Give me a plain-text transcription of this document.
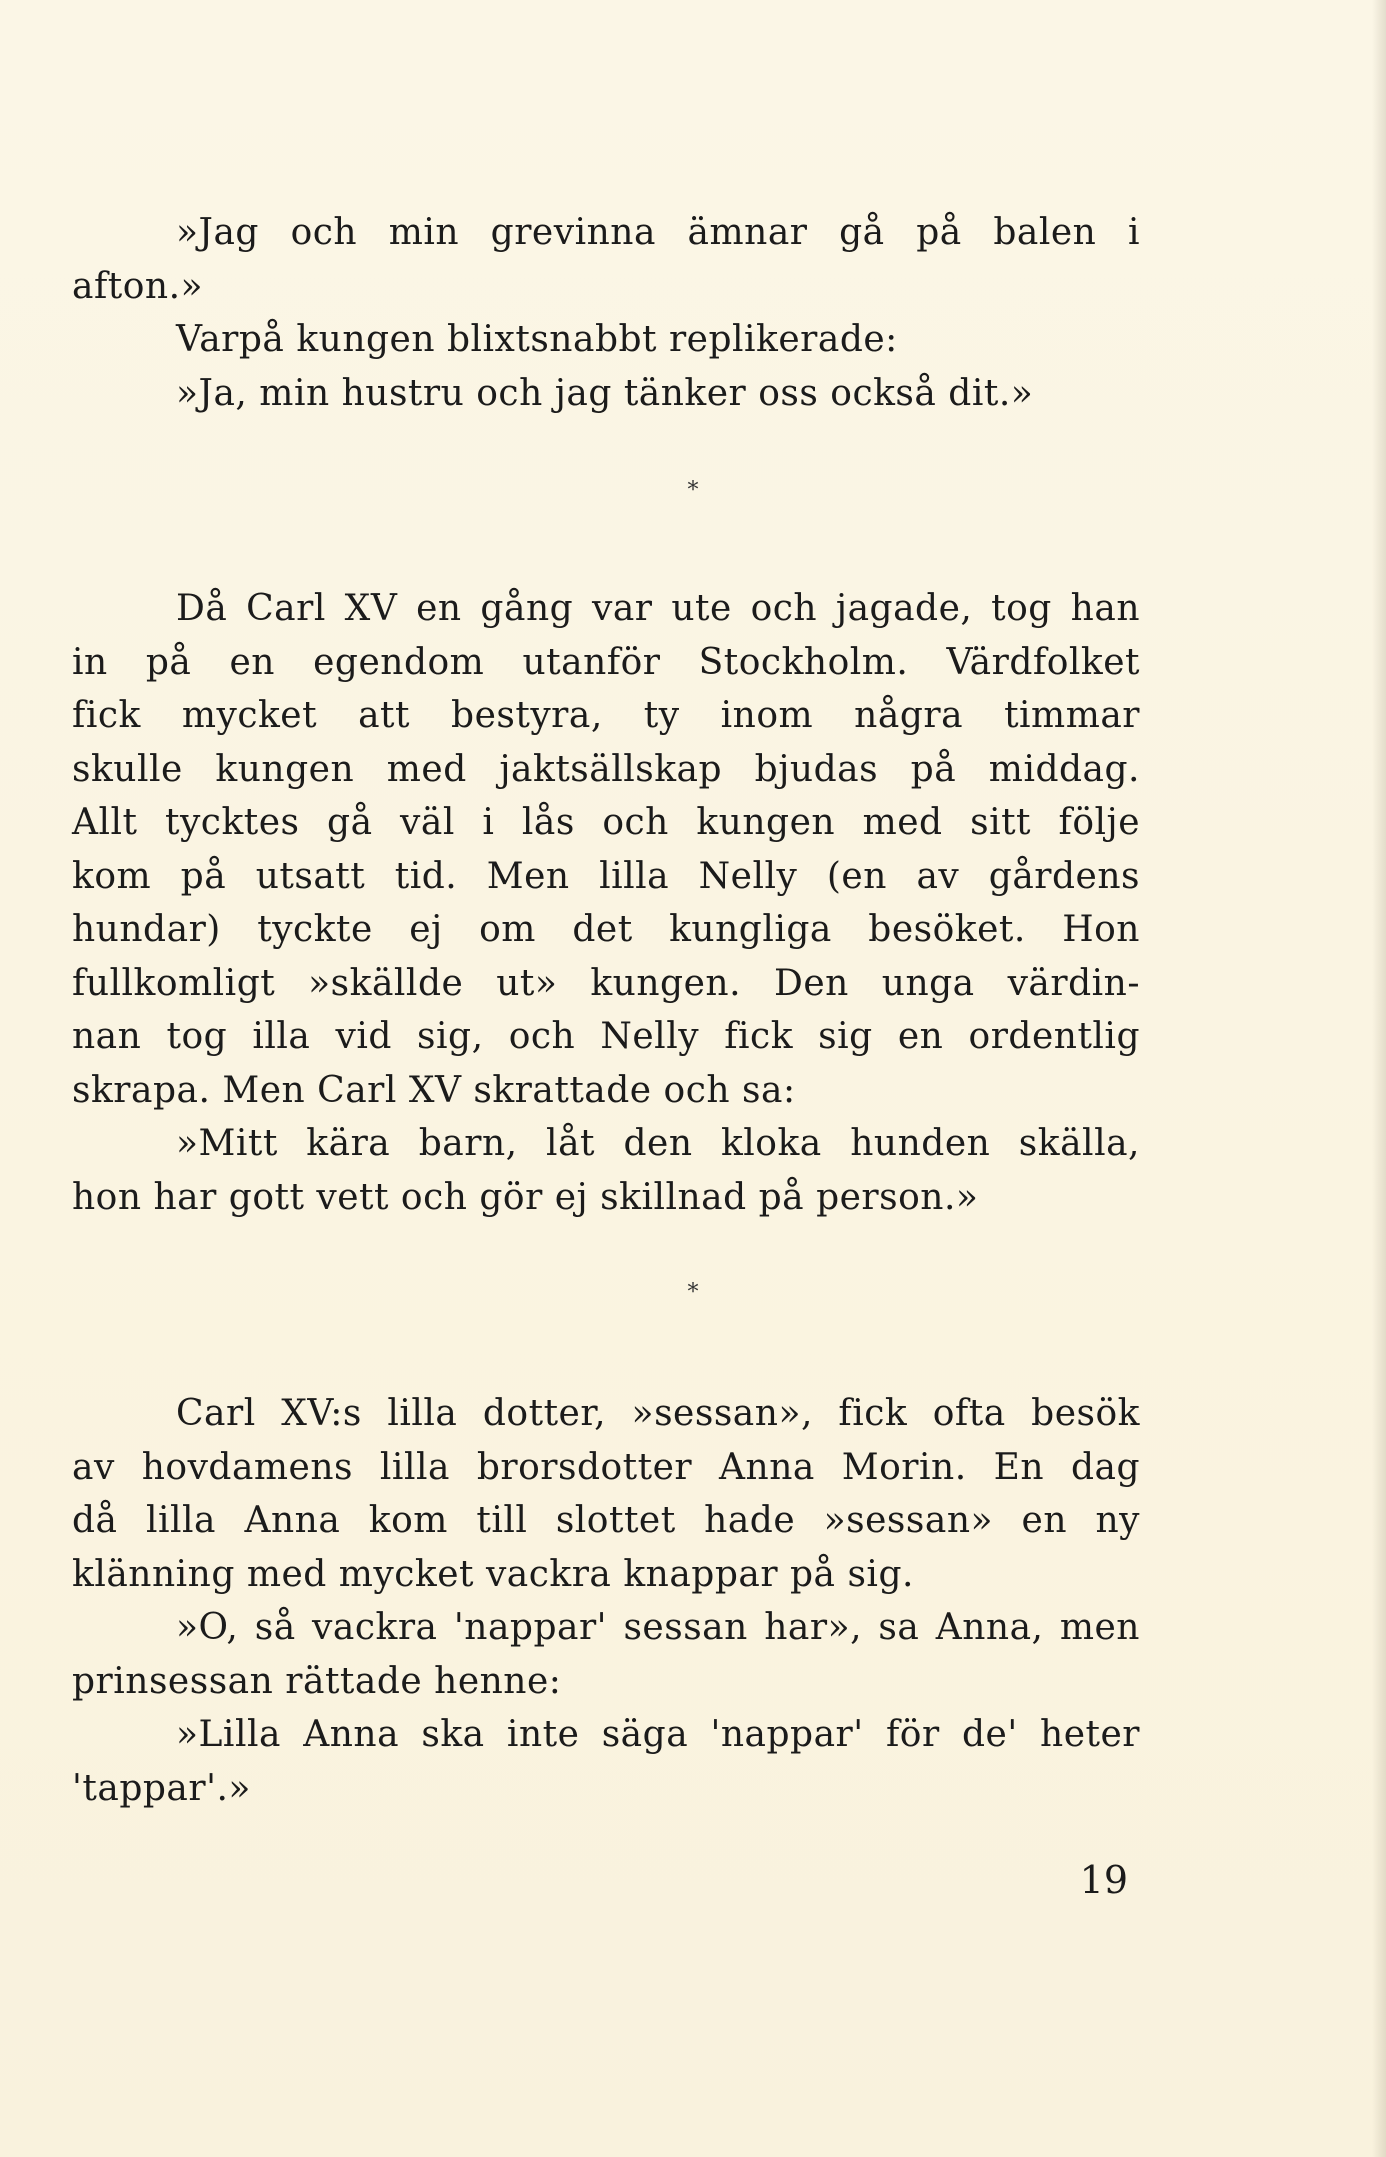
»Jag och min grevinna ämnar gå på balen i
afton.»
Varpå kungen blixtsnabbt replikerade:
»Ja, min hustru och jag tänker oss också dit.»
*
Då Carl XV en gång var ute och jagade, tog han
in på en egendom utanför Stockholm. Värdfolket
fick mycket att bestyra, ty inom några timmar
skulle kungen med jaktsällskap bjudas på middag.
Allt tycktes gå väl i lås och kungen med sitt följe
kom på utsatt tid. Men lilla Nelly (en av gårdens
hundar) tyckte ej om det kungliga besöket. Hon
fullkomligt »skällde ut» kungen. Den unga värdin-
nan tog illa vid sig, och Nelly fick sig en ordentlig
skrapa. Men Carl XV skrattade och sa:
»Mitt kära barn, låt den kloka hunden skälla,
hon har gott vett och gör ej skillnad på person.»
*
Carl XV:s lilla dotter, »sessan», fick ofta besök
av hovdamens lilla brorsdotter Anna Morin. En dag
då lilla Anna kom till slottet hade »sessan» en ny
klänning med mycket vackra knappar på sig.
»O, så vackra 'nappar' sessan har», sa Anna, men
prinsessan rättade henne:
»Lilla Anna ska inte säga 'nappar' för de' heter
'tappar'.»
19
